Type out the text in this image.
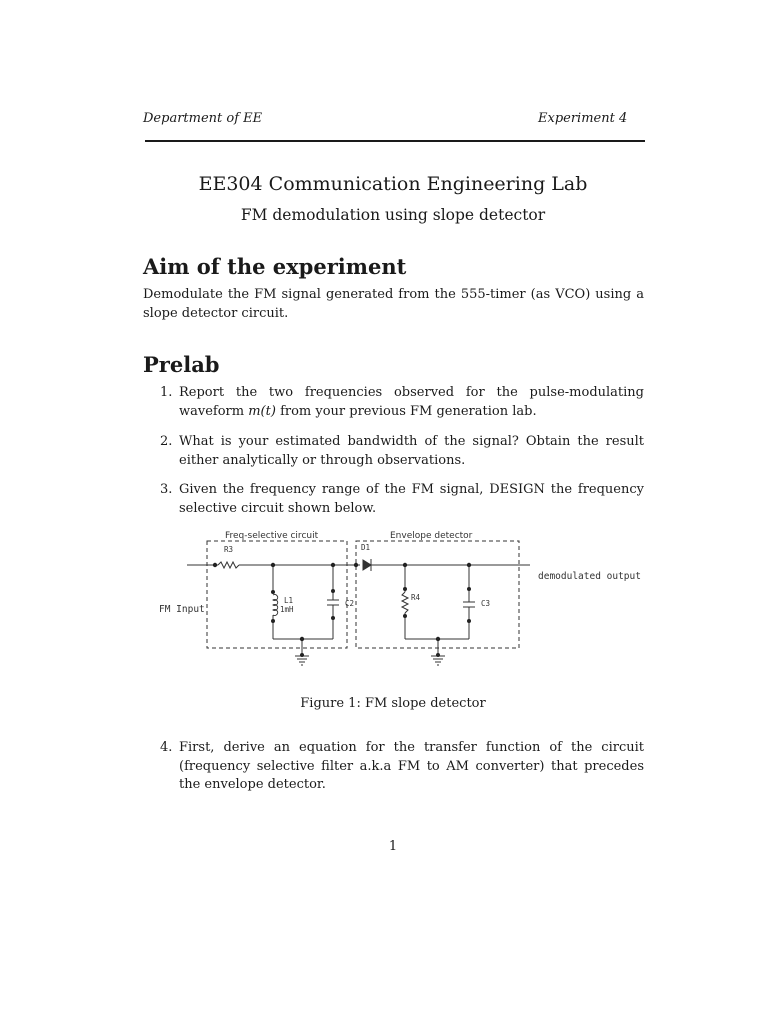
Department of EE	Experiment 4
EE304 Communication Engineering Lab
FM demodulation using slope detector
Aim of the experiment
Demodulate the FM signal generated from the 555-timer (as VCO) using a slope detector circuit.
Prelab
1. Report the two frequencies observed for the pulse-modulating waveform m(t) from your previous FM generation lab.
2. What is your estimated bandwidth of the signal? Obtain the result either analytically or through observations.
3. Given the frequency range of the FM signal, DESIGN the frequency selective circuit shown below.
Freq-selective circuit	Envelope detector
R3	D1
L1
1mH
C2
R4
C3
FM Input
demodulated output
Figure 1: FM slope detector
4. First, derive an equation for the transfer function of the circuit (frequency selective filter a.k.a FM to AM converter) that precedes the envelope detector.
1
